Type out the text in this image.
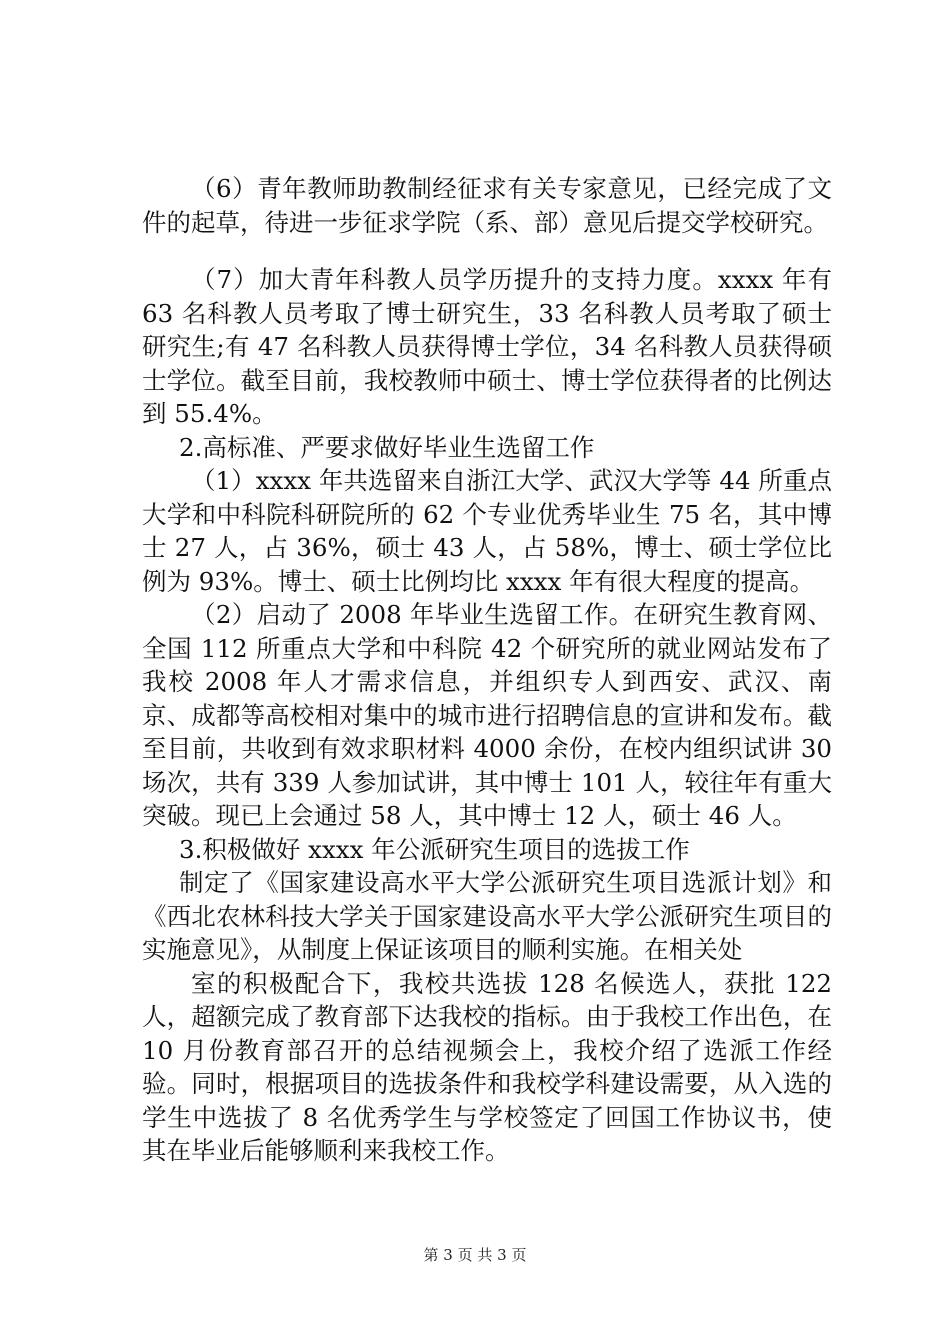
（6）青年教师助教制经征求有关专家意见，已经完成了文件的起草，待进一步征求学院（系、部）意见后提交学校研究。

（7）加大青年科教人员学历提升的支持力度。xxxx 年有 63 名科教人员考取了博士研究生，33 名科教人员考取了硕士研究生;有 47 名科教人员获得博士学位，34 名科教人员获得硕士学位。截至目前，我校教师中硕士、博士学位获得者的比例达到 55.4%。

2.高标准、严要求做好毕业生选留工作

（1）xxxx 年共选留来自浙江大学、武汉大学等 44 所重点大学和中科院科研院所的 62 个专业优秀毕业生 75 名，其中博士 27 人，占 36%，硕士 43 人，占 58%，博士、硕士学位比例为 93%。博士、硕士比例均比 xxxx 年有很大程度的提高。

（2）启动了 2008 年毕业生选留工作。在研究生教育网、全国 112 所重点大学和中科院 42 个研究所的就业网站发布了我校 2008 年人才需求信息，并组织专人到西安、武汉、南京、成都等高校相对集中的城市进行招聘信息的宣讲和发布。截至目前，共收到有效求职材料 4000 余份，在校内组织试讲 30 场次，共有 339 人参加试讲，其中博士 101 人，较往年有重大突破。现已上会通过 58 人，其中博士 12 人，硕士 46 人。

3.积极做好 xxxx 年公派研究生项目的选拔工作

制定了《国家建设高水平大学公派研究生项目选派计划》和《西北农林科技大学关于国家建设高水平大学公派研究生项目的实施意见》，从制度上保证该项目的顺利实施。在相关处

室的积极配合下，我校共选拔 128 名候选人，获批 122 人，超额完成了教育部下达我校的指标。由于我校工作出色，在 10 月份教育部召开的总结视频会上，我校介绍了选派工作经验。同时，根据项目的选拔条件和我校学科建设需要，从入选的学生中选拔了 8 名优秀学生与学校签定了回国工作协议书，使其在毕业后能够顺利来我校工作。

第 3 页 共 3 页
